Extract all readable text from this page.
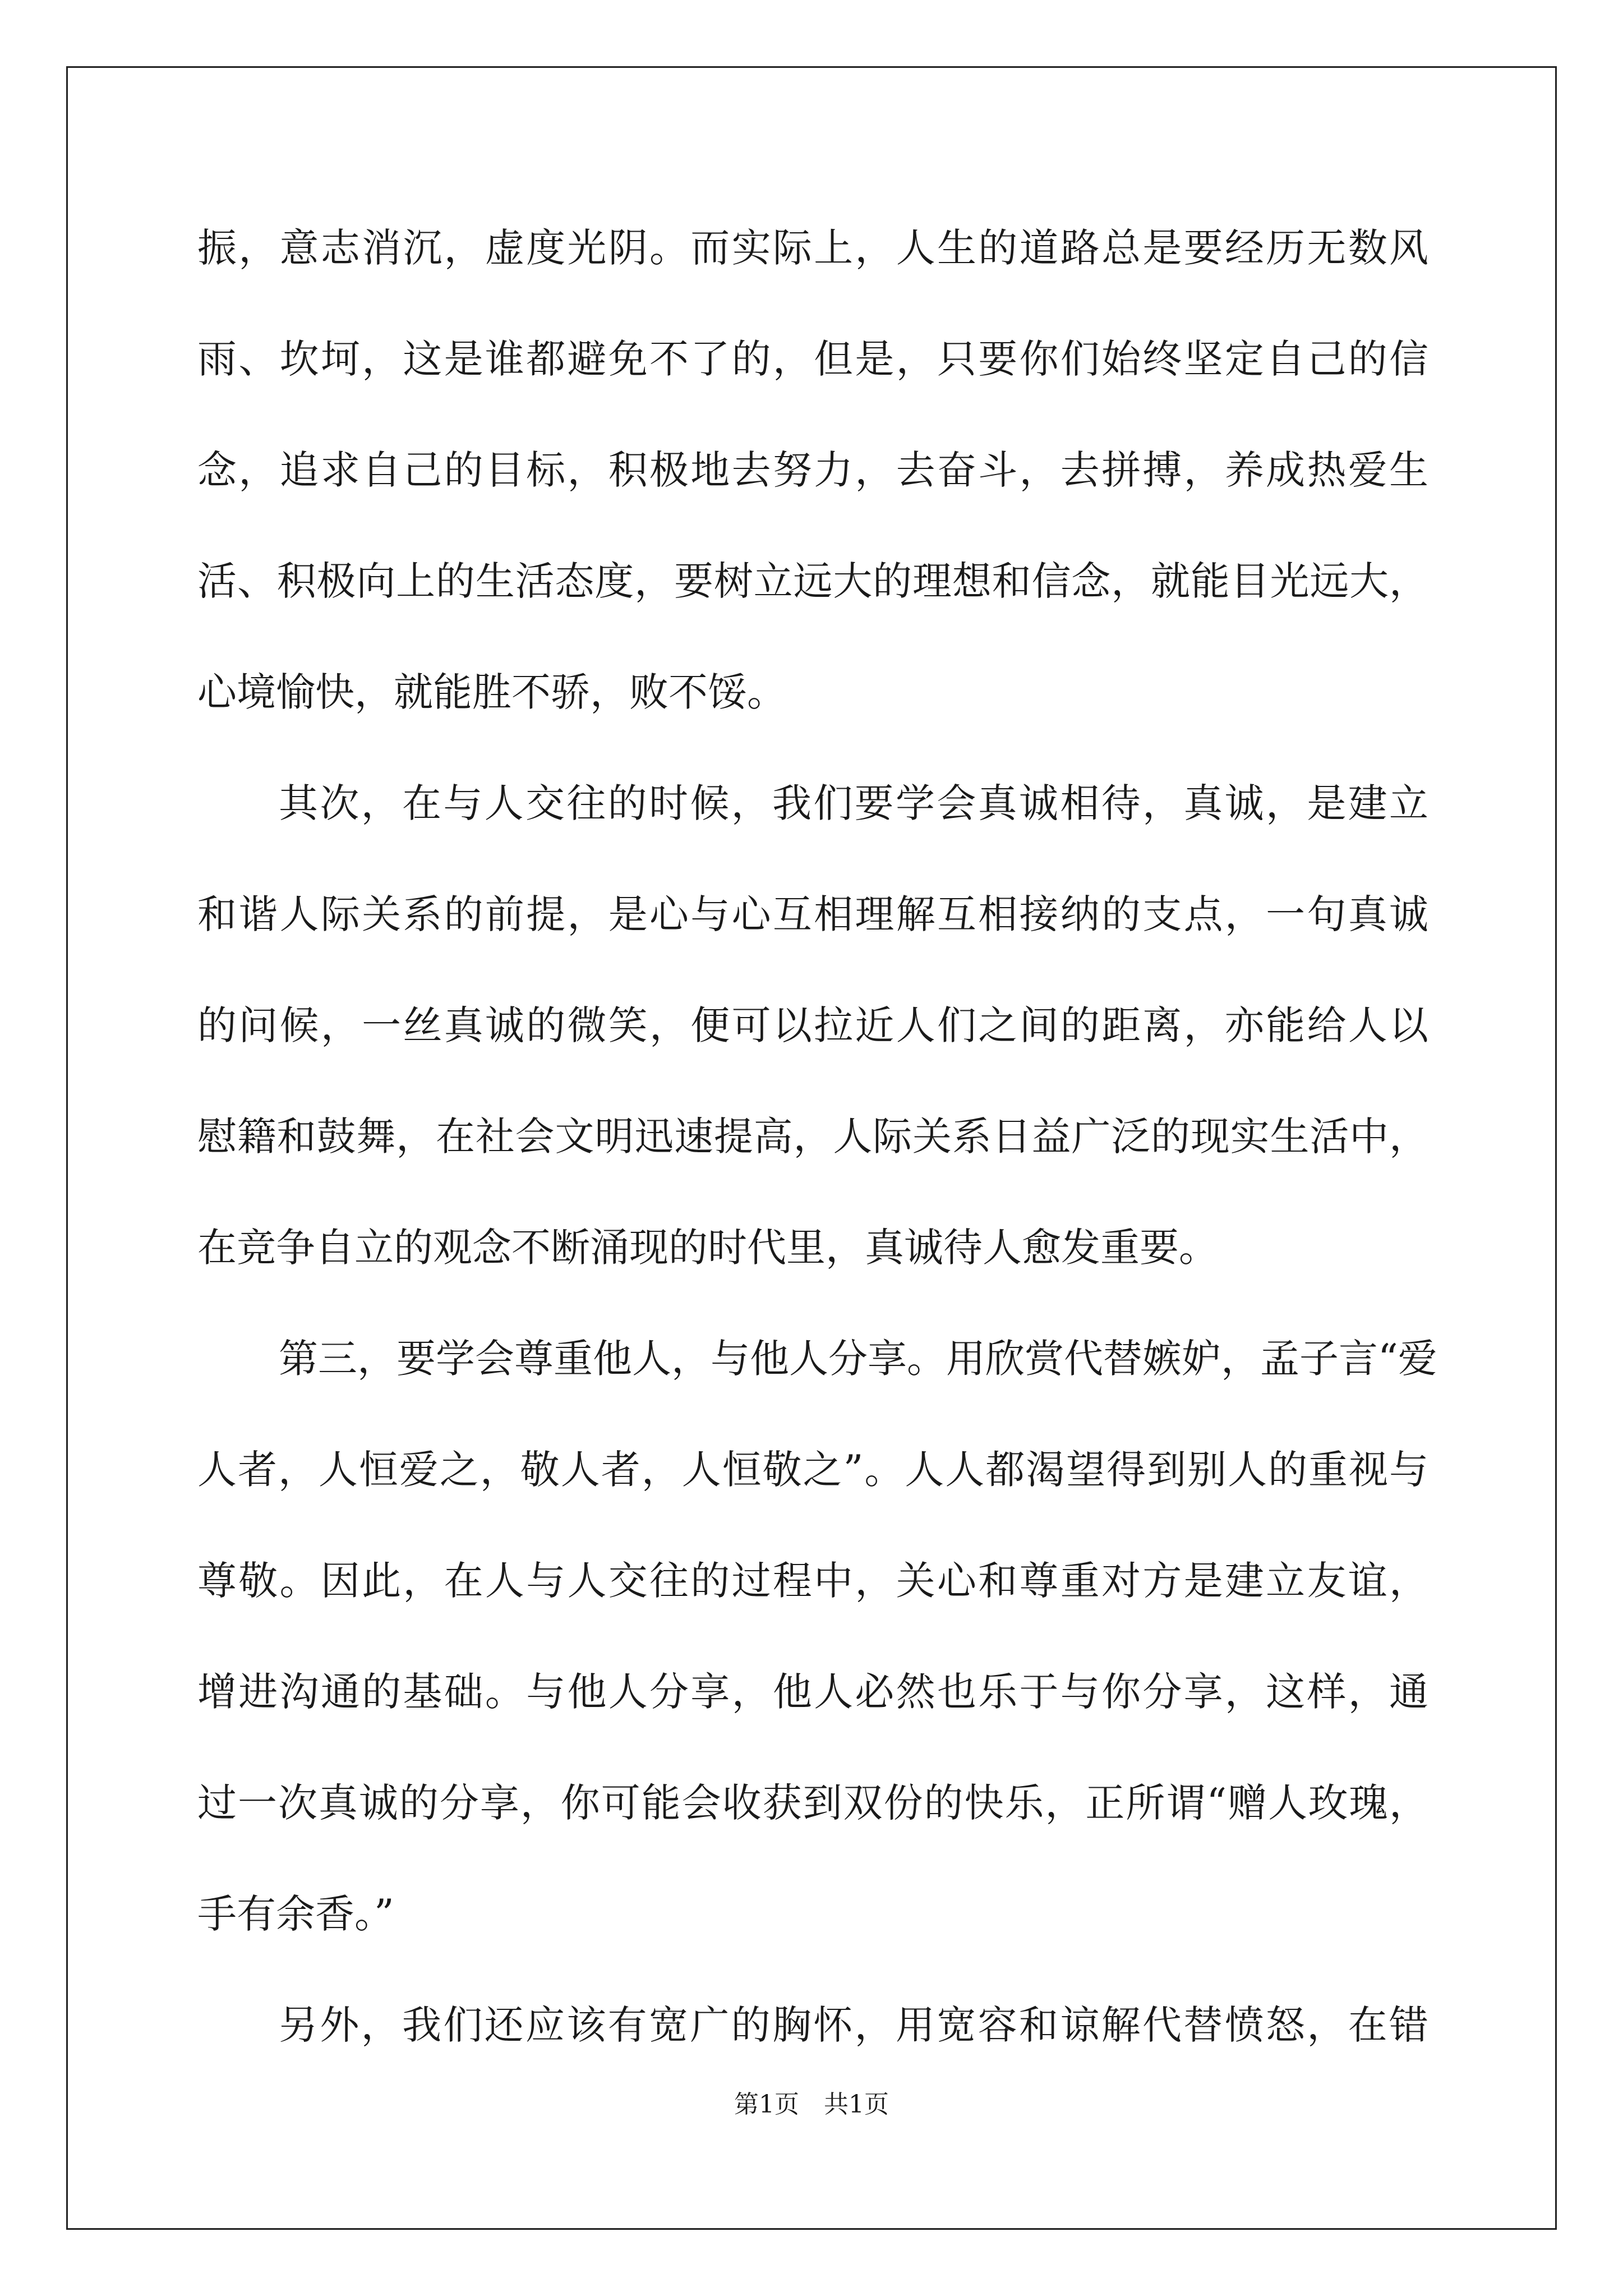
振，意志消沉，虚度光阴。而实际上，人生的道路总是要经历无数风

雨、坎坷，这是谁都避免不了的，但是，只要你们始终坚定自己的信

念，追求自己的目标，积极地去努力，去奋斗，去拼搏，养成热爱生

活、积极向上的生活态度，要树立远大的理想和信念，就能目光远大，

心境愉快，就能胜不骄，败不馁。

其次，在与人交往的时候，我们要学会真诚相待，真诚，是建立

和谐人际关系的前提，是心与心互相理解互相接纳的支点，一句真诚

的问候，一丝真诚的微笑，便可以拉近人们之间的距离，亦能给人以

慰籍和鼓舞，在社会文明迅速提高，人际关系日益广泛的现实生活中，

在竞争自立的观念不断涌现的时代里，真诚待人愈发重要。

第三，要学会尊重他人，与他人分享。用欣赏代替嫉妒，孟子言“爱

人者，人恒爱之，敬人者，人恒敬之”。人人都渴望得到别人的重视与

尊敬。因此，在人与人交往的过程中，关心和尊重对方是建立友谊，

增进沟通的基础。与他人分享，他人必然也乐于与你分享，这样，通

过一次真诚的分享，你可能会收获到双份的快乐，正所谓“赠人玫瑰，

手有余香。”

另外，我们还应该有宽广的胸怀，用宽容和谅解代替愤怒，在错

第1页　共1页
